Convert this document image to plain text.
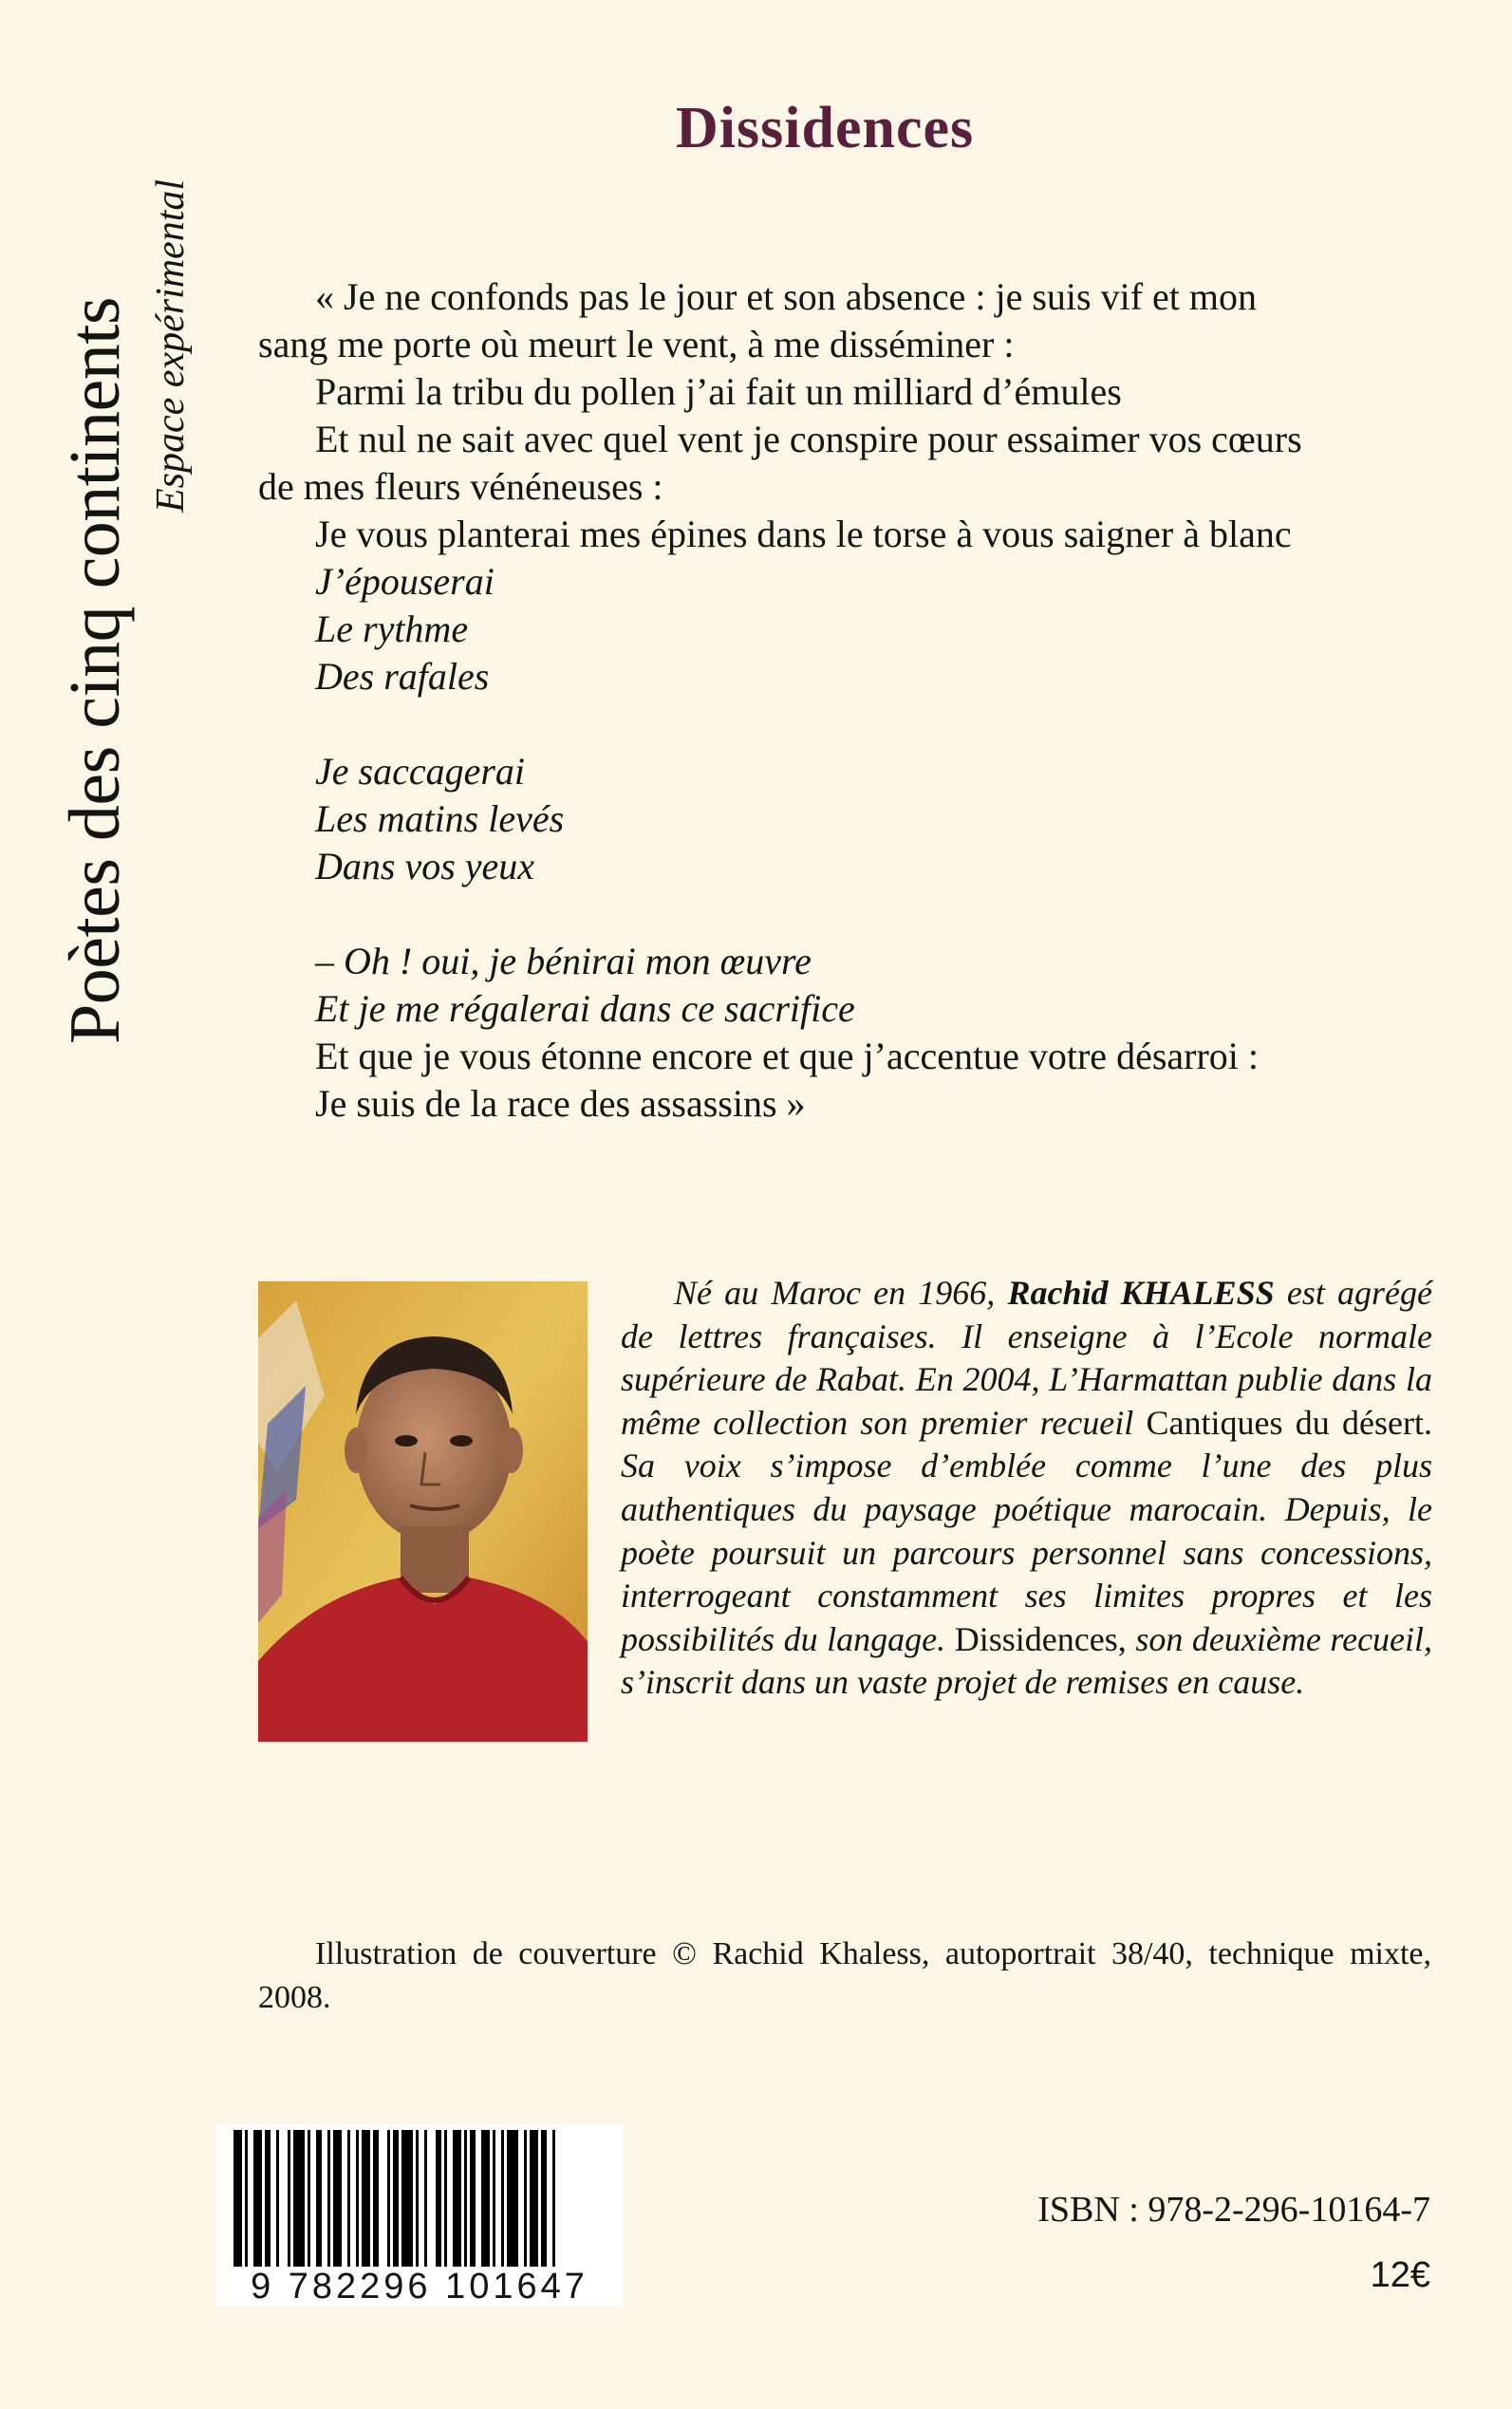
Poètes des cinq continents Espace expérimental
Dissidences
« Je ne confonds pas le jour et son absence : je suis vif et mon
sang me porte où meurt le vent, à me disséminer :
Parmi la tribu du pollen j’ai fait un milliard d’émules
Et nul ne sait avec quel vent je conspire pour essaimer vos cœurs
de mes fleurs vénéneuses :
Je vous planterai mes épines dans le torse à vous saigner à blanc
J’épouserai
Le rythme
Des rafales
Je saccagerai
Les matins levés
Dans vos yeux
– Oh ! oui, je bénirai mon œuvre
Et je me régalerai dans ce sacrifice
Et que je vous étonne encore et que j’accentue votre désarroi :
Je suis de la race des assassins »
Né au Maroc en 1966, Rachid KHALESS est agrégé de lettres françaises. Il enseigne à l’Ecole normale supérieure de Rabat. En 2004, L’Harmattan publie dans la même collection son premier recueil Cantiques du désert. Sa voix s’impose d’emblée comme l’une des plus authentiques du paysage poétique marocain. Depuis, le poète poursuit un parcours personnel sans concessions, interrogeant constamment ses limites propres et les possibilités du langage. Dissidences, son deuxième recueil, s’inscrit dans un vaste projet de remises en cause.
Illustration de couverture © Rachid Khaless, autoportrait 38/40, technique mixte, 2008.
9 782296 101647
ISBN : 978-2-296-10164-7
12€
